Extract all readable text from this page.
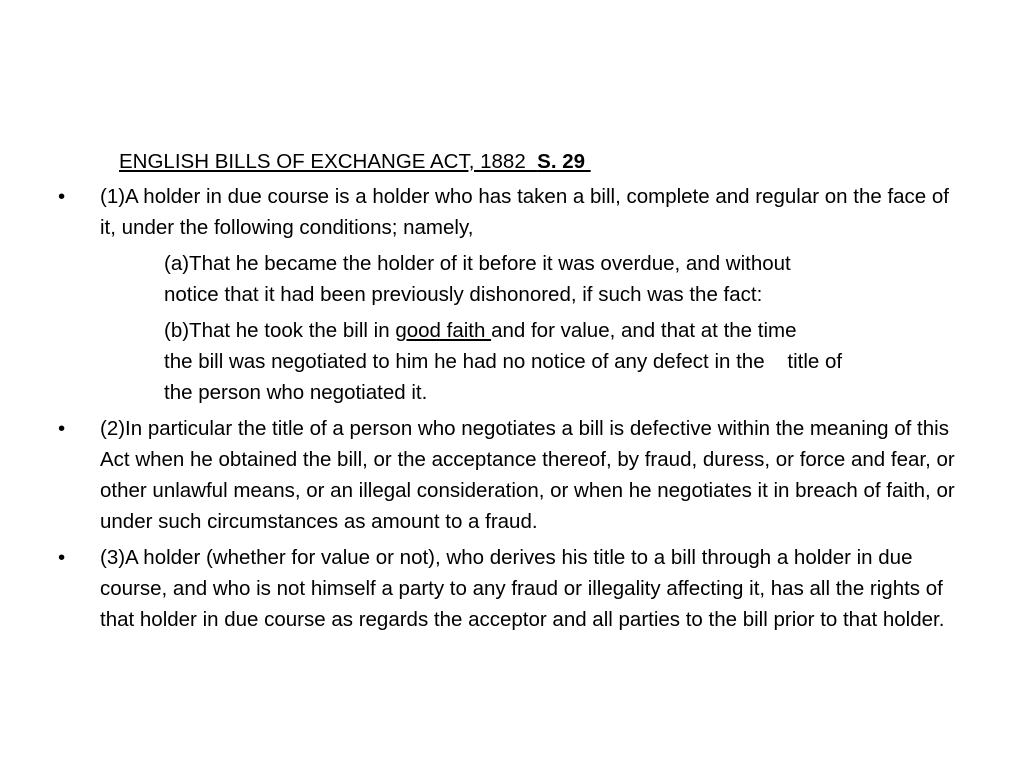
ENGLISH BILLS OF EXCHANGE ACT, 1882  S. 29
•	(1)A holder in due course is a holder who has taken a bill, complete and regular on the face of it, under the following conditions; namely,
(a)That he became the holder of it before it was overdue, and without
notice that it had been previously dishonored, if such was the fact:
(b)That he took the bill in good faith and for value, and that at the time
the bill was negotiated to him he had no notice of any defect in the    title of
the person who negotiated it.
•	(2)In particular the title of a person who negotiates a bill is defective within the meaning of this Act when he obtained the bill, or the acceptance thereof, by fraud, duress, or force and fear, or other unlawful means, or an illegal consideration, or when he negotiates it in breach of faith, or under such circumstances as amount to a fraud.
•	(3)A holder (whether for value or not), who derives his title to a bill through a holder in due course, and who is not himself a party to any fraud or illegality affecting it, has all the rights of that holder in due course as regards the acceptor and all parties to the bill prior to that holder.
